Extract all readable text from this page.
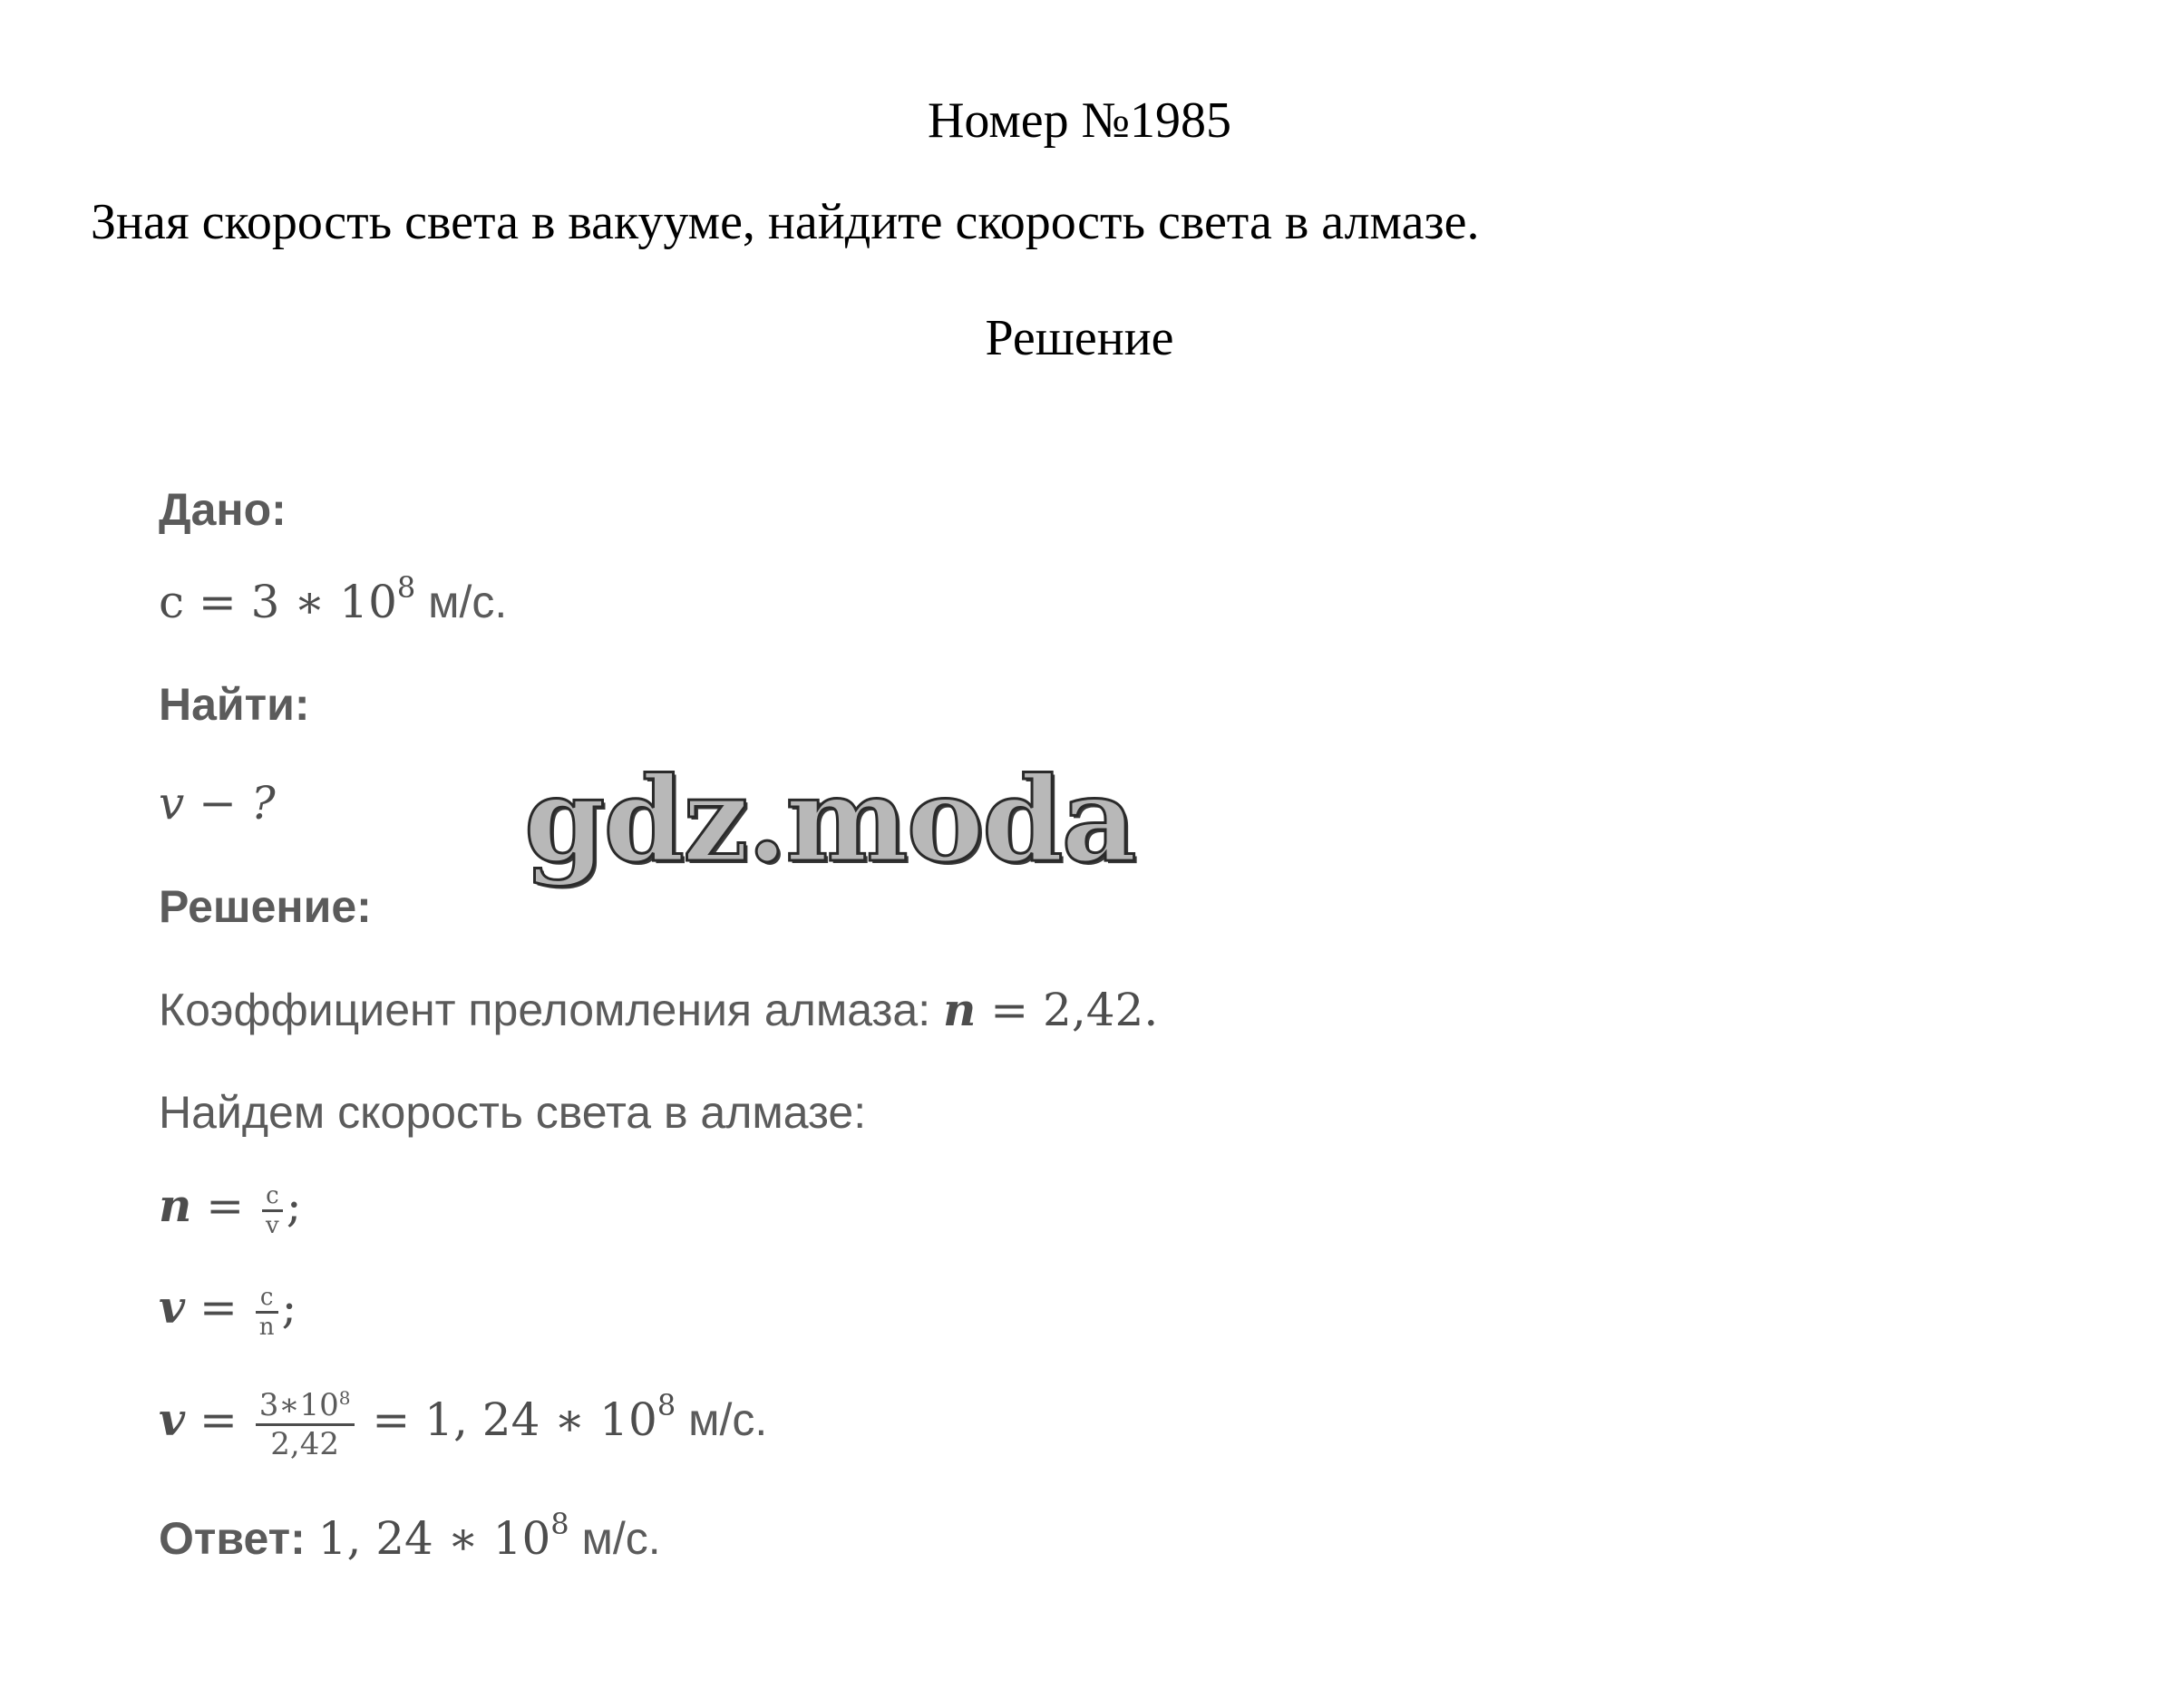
Номер №1985
Зная скорость света в вакууме, найдите скорость света в алмазе.
Решение
Дано:
c = 3 ∗ $10^8$ м/с.
Найти:
v − ?
Решение:
Коэффициент преломления алмаза: n = 2,42.
Найдем скорость света в алмазе:
$n = \frac{c}{v}$ ;
$v = \frac{c}{n}$ ;
$v = \frac{3∗10^8}{2,42} = 1$, 24 ∗ $10^8$ м/с.
Ответ: 1, 24 ∗ $10^8$ м/с.
gdz.moda
